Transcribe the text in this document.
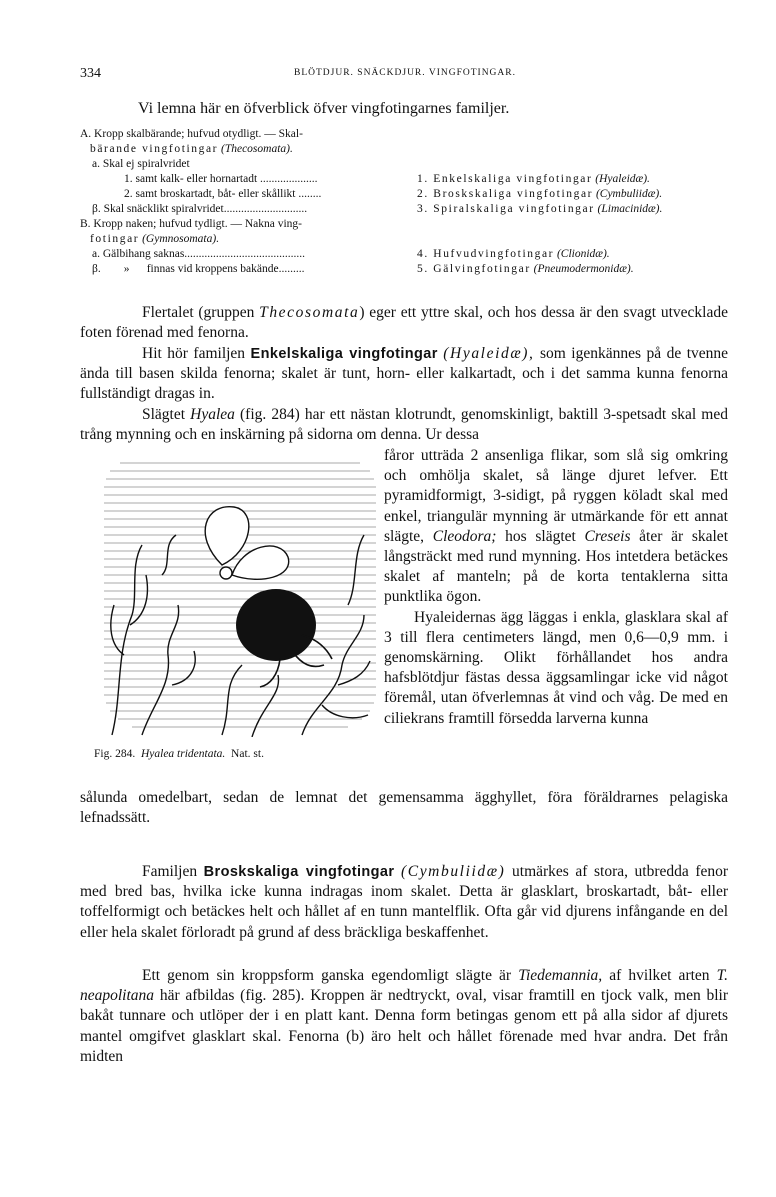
334	BLÖTDJUR. SNÄCKDJUR. VINGFOTINGAR.
Vi lemna här en öfverblick öfver vingfotingarnes familjer.
A. Kropp skalbärande; hufvud otydligt. — Skal-
bärande vingfotingar (Thecosomata).
a. Skal ej spiralvridet
1. samt kalk- eller hornartadt ....................	1. Enkelskaliga vingfotingar (Hyaleidæ).
2. samt broskartadt, båt- eller skållikt ........	2. Broskskaliga vingfotingar (Cymbuliidæ).
β. Skal snäcklikt spiralvridet.............................	3. Spiralskaliga vingfotingar (Limacinidæ).
B. Kropp naken; hufvud tydligt. — Nakna ving-
fotingar (Gymnosomata).
a. Gälbihang saknas..........................................	4. Hufvudvingfotingar (Clionidæ).
β.        »      finnas vid kroppens bakände.........	5. Gälvingfotingar (Pneumodermonidæ).

Flertalet (gruppen Thecosomata) eger ett yttre skal, och hos dessa är den svagt utvecklade foten förenad med fenorna.

Hit hör familjen Enkelskaliga vingfotingar (Hyaleidæ), som igenkännes på de tvenne ända till basen skilda fenorna; skalet är tunt, horn- eller kalkartadt, och i det samma kunna fenorna fullständigt dragas in.

Slägtet Hyalea (fig. 284) har ett nästan klotrundt, genomskinligt, baktill 3-spetsadt skal med trång mynning och en inskärning på sidorna om denna. Ur dessa

Fig. 284. Hyalea tridentata. Nat. st.

fåror utträda 2 ansenliga flikar, som slå sig omkring och omhölja skalet, så länge djuret lefver. Ett pyramidformigt, 3-sidigt, på ryggen köladt skal med enkel, triangulär mynning är utmärkande för ett annat slägte, Cleodora; hos slägtet Creseis åter är skalet långsträckt med rund mynning. Hos intetdera betäckes skalet af manteln; på de korta tentaklerna sitta punktlika ögon.
Hyaleidernas ägg läggas i enkla, glasklara skal af 3 till flera centimeters längd, men 0,6—0,9 mm. i genomskärning. Olikt förhållandet hos andra hafsblötdjur fästas dessa äggsamlingar icke vid något föremål, utan öfverlemnas åt vind och våg. De med en ciliekrans framtill försedda larverna kunna

sålunda omedelbart, sedan de lemnat det gemensamma ägghyllet, föra föräldrarnes pelagiska lefnadssätt.

Familjen Broskskaliga vingfotingar (Cymbuliidæ) utmärkes af stora, utbredda fenor med bred bas, hvilka icke kunna indragas inom skalet. Detta är glasklart, broskartadt, båt- eller toffelformigt och betäckes helt och hållet af en tunn mantelflik. Ofta går vid djurens infångande en del eller hela skalet förloradt på grund af dess bräckliga beskaffenhet.

Ett genom sin kroppsform ganska egendomligt slägte är Tiedemannia, af hvilket arten T. neapolitana här afbildas (fig. 285). Kroppen är nedtryckt, oval, visar framtill en tjock valk, men blir bakåt tunnare och utlöper der i en platt kant. Denna form betingas genom ett på alla sidor af djurets mantel omgifvet glasklart skal. Fenorna (b) äro helt och hållet förenade med hvar andra. Det från midten
